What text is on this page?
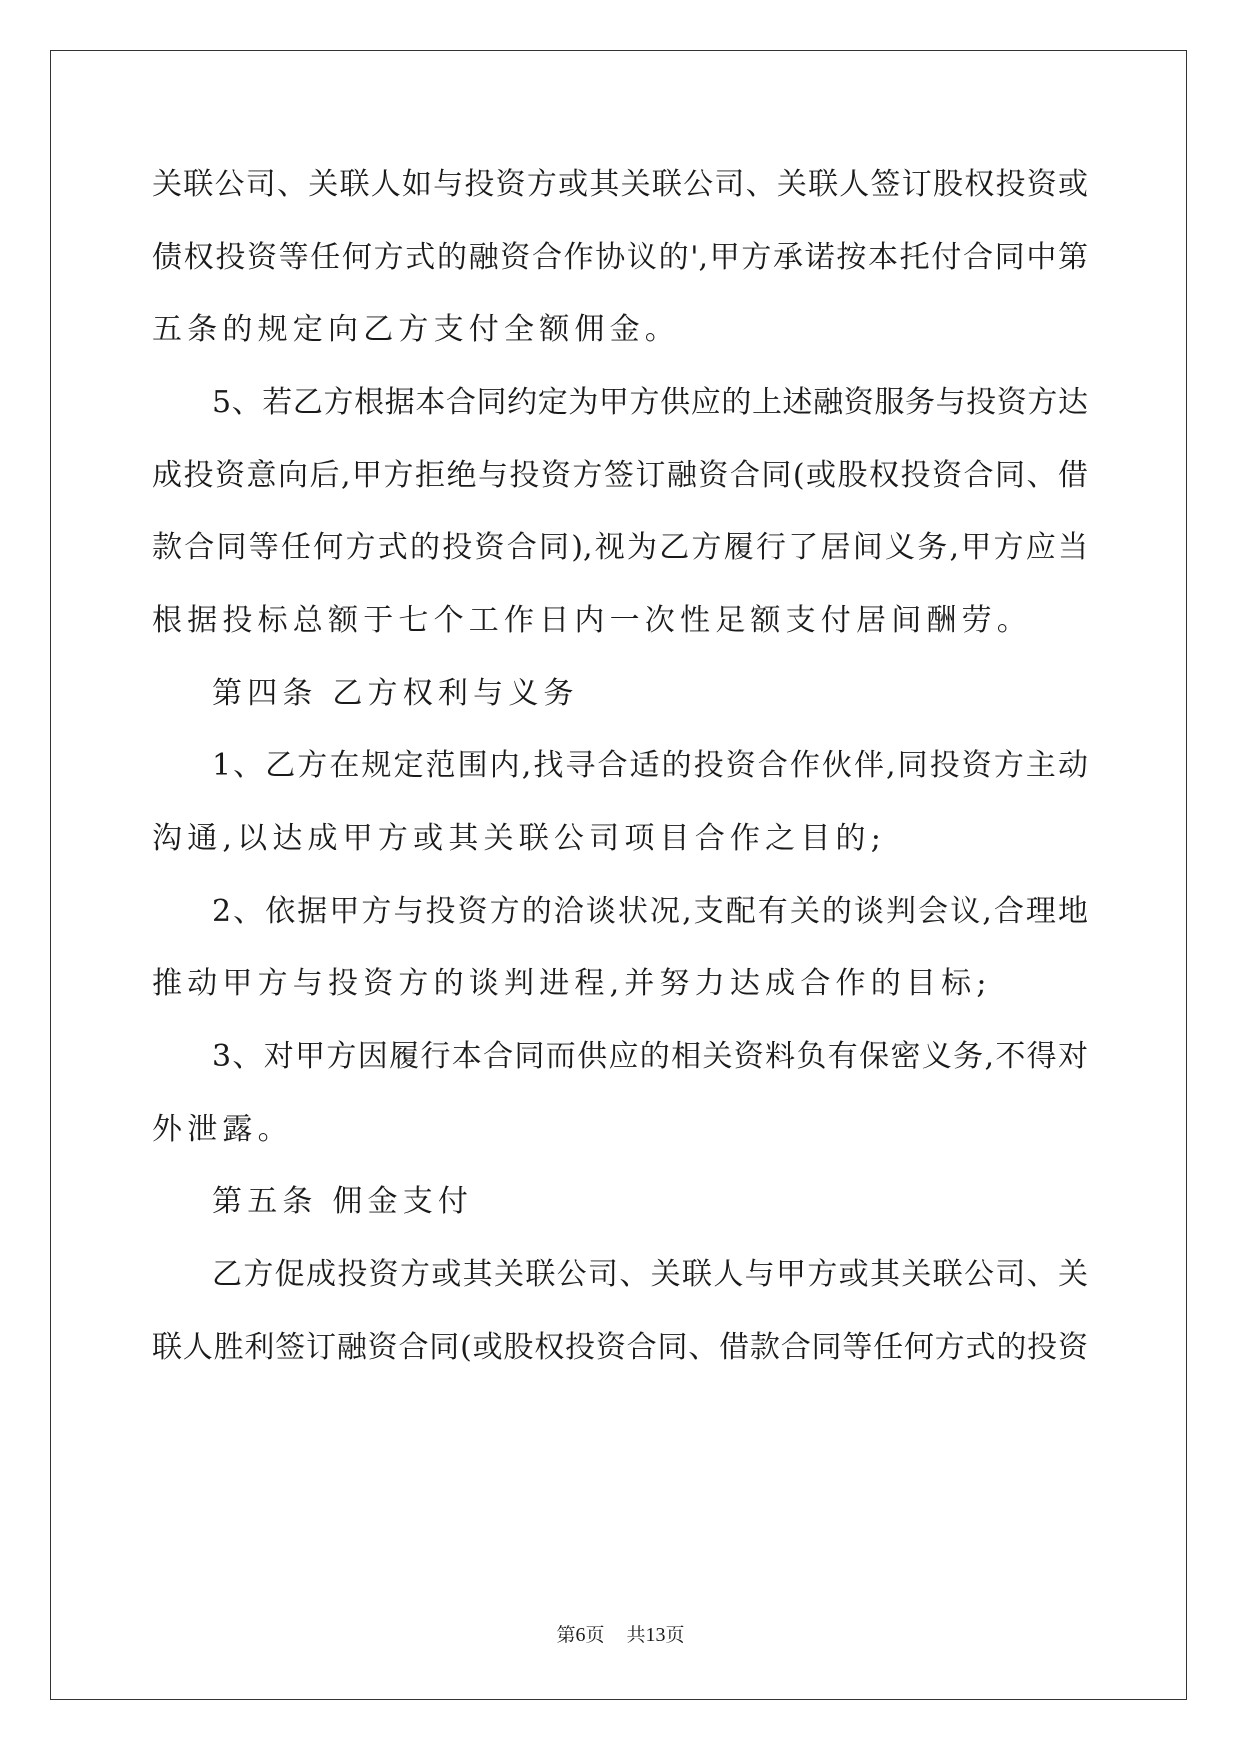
关联公司、关联人如与投资方或其关联公司、关联人签订股权投资或
债权投资等任何方式的融资合作协议的',甲方承诺按本托付合同中第
五条的规定向乙方支付全额佣金。
5、若乙方根据本合同约定为甲方供应的上述融资服务与投资方达
成投资意向后,甲方拒绝与投资方签订融资合同(或股权投资合同、借
款合同等任何方式的投资合同),视为乙方履行了居间义务,甲方应当
根据投标总额于七个工作日内一次性足额支付居间酬劳。
第四条 乙方权利与义务
1、乙方在规定范围内,找寻合适的投资合作伙伴,同投资方主动
沟通,以达成甲方或其关联公司项目合作之目的;
2、依据甲方与投资方的洽谈状况,支配有关的谈判会议,合理地
推动甲方与投资方的谈判进程,并努力达成合作的目标;
3、对甲方因履行本合同而供应的相关资料负有保密义务,不得对
外泄露。
第五条 佣金支付
乙方促成投资方或其关联公司、关联人与甲方或其关联公司、关
联人胜利签订融资合同(或股权投资合同、借款合同等任何方式的投资
第6页 共13页
